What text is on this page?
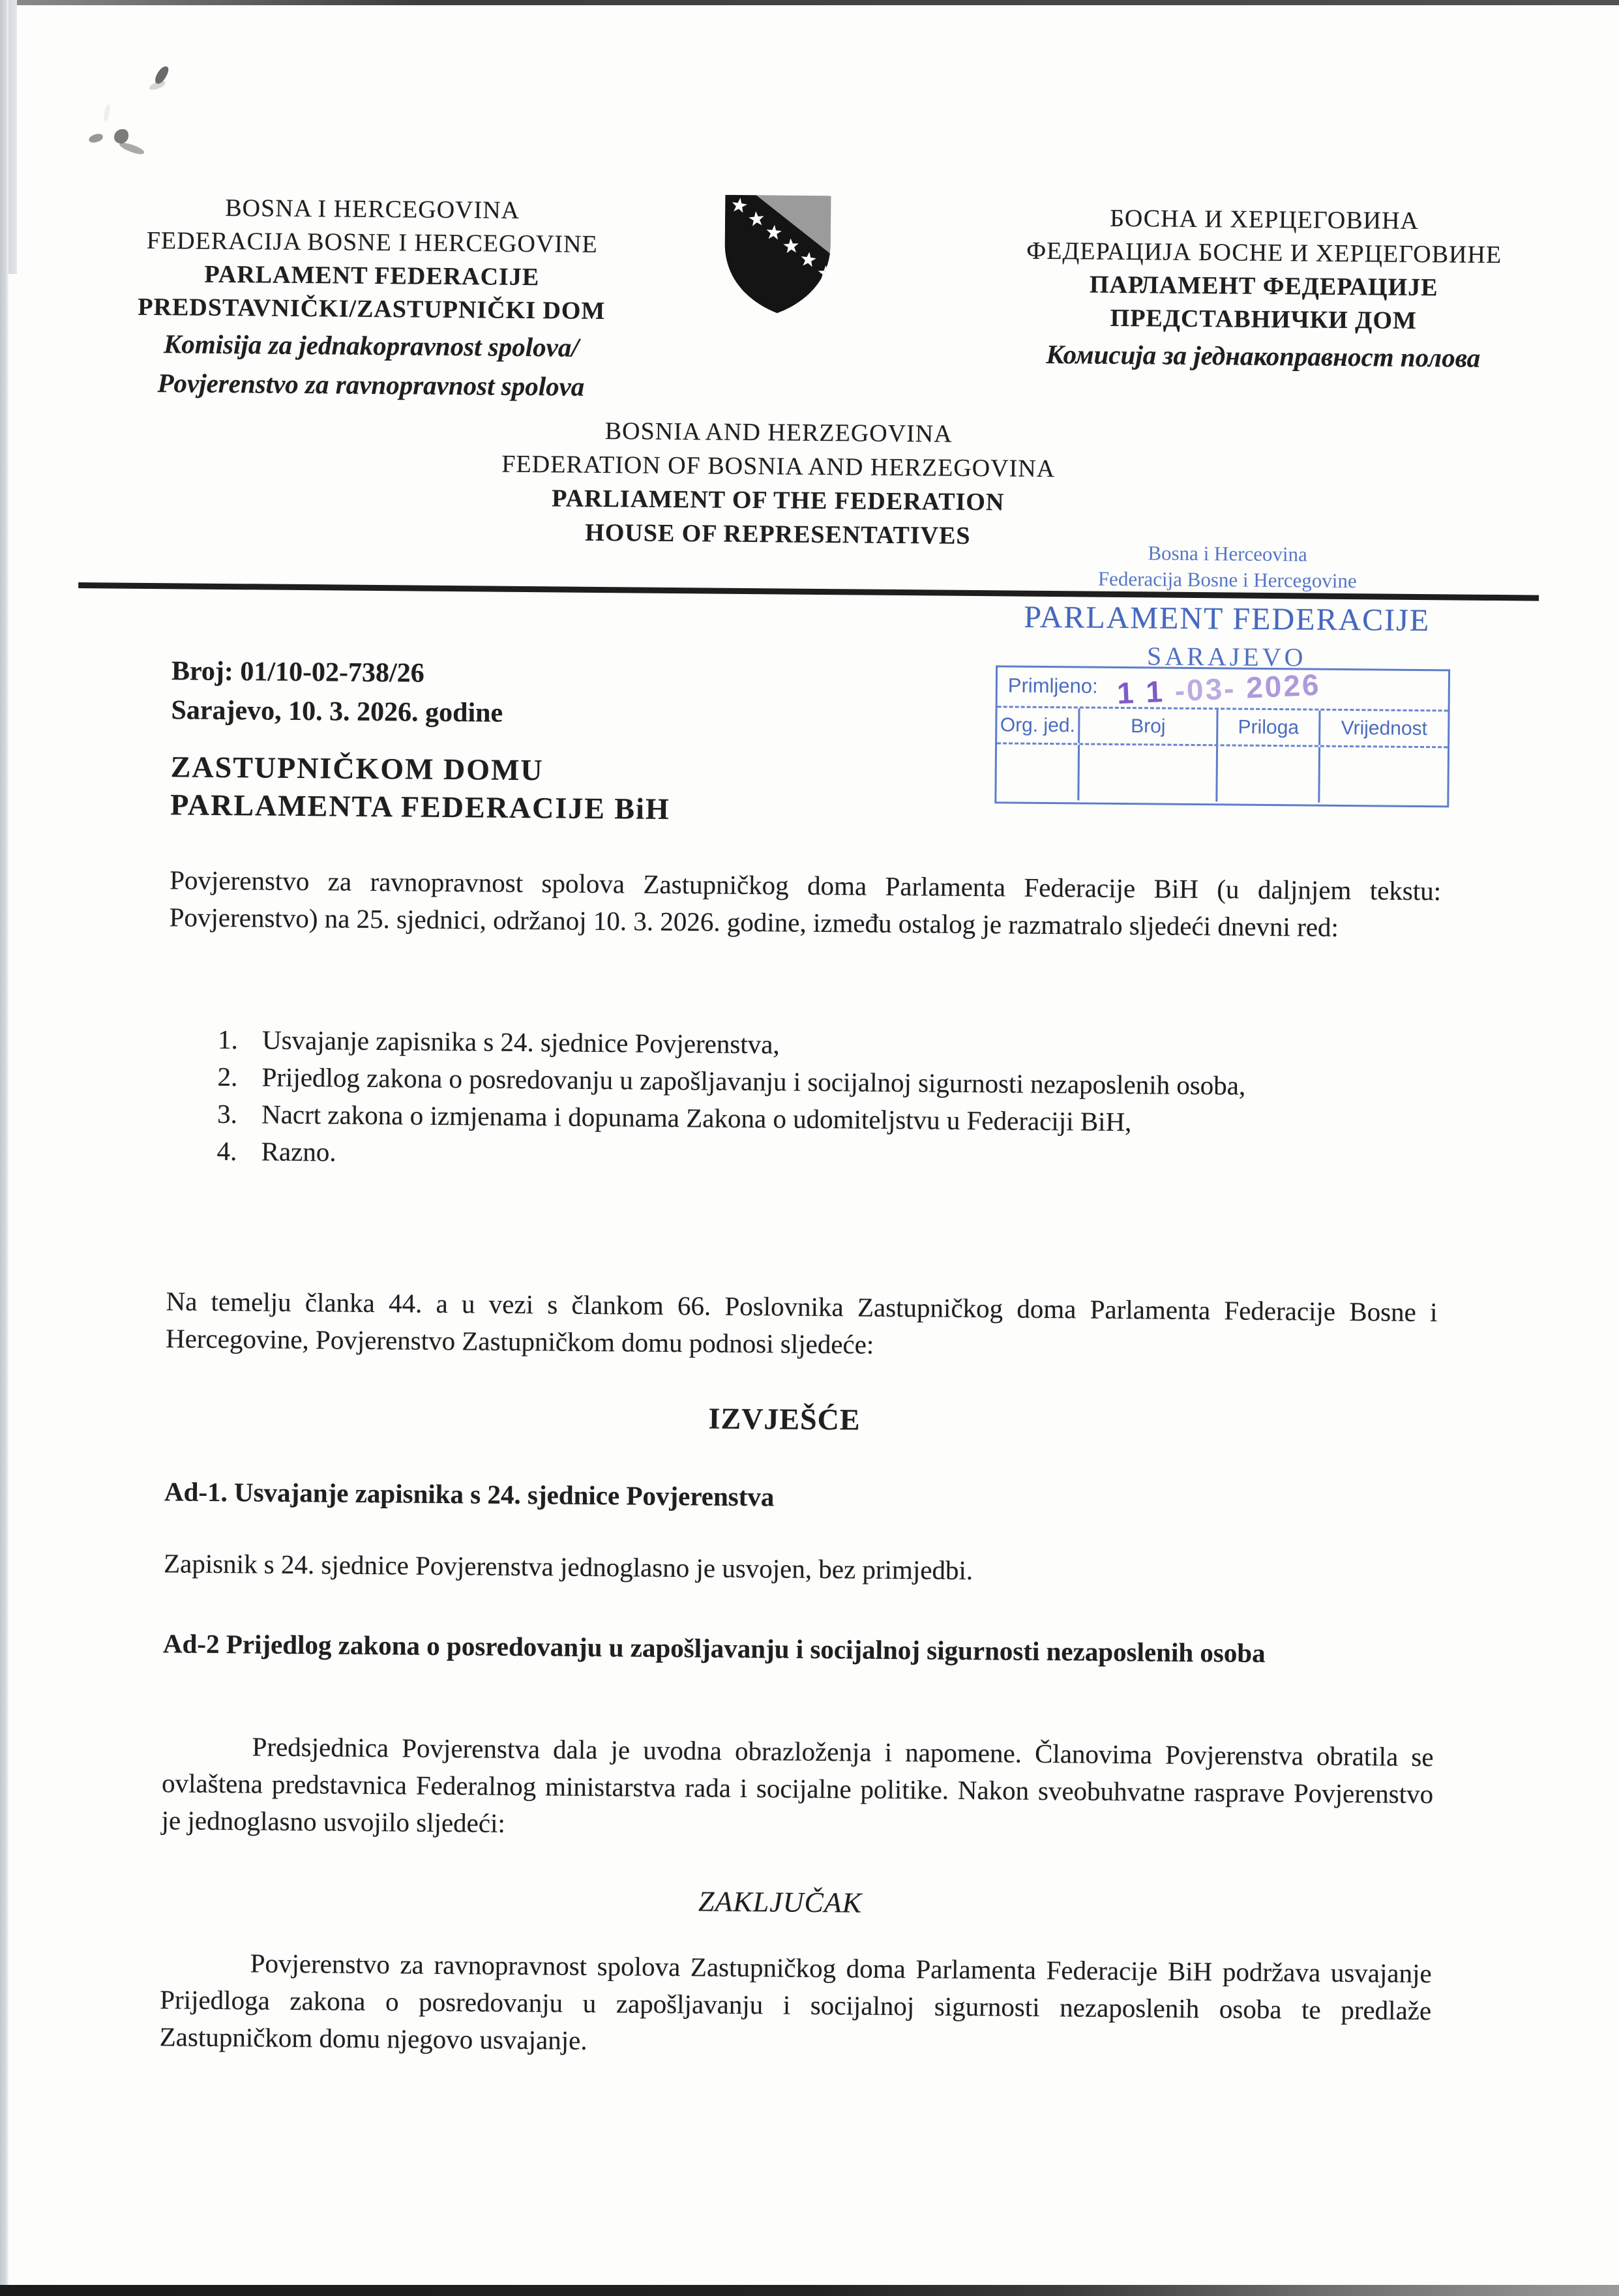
BOSNA I HERCEGOVINA
FEDERACIJA BOSNE I HERCEGOVINE
PARLAMENT FEDERACIJE
PREDSTAVNIČKI/ZASTUPNIČKI DOM
Komisija za jednakopravnost spolova/
Povjerenstvo za ravnopravnost spolova
БОСНА И ХЕРЦЕГОВИНА
ФЕДЕРАЦИЈА БОСНЕ И ХЕРЦЕГОВИНЕ
ПАРЛАМЕНТ ФЕДЕРАЦИЈЕ
ПРЕДСТАВНИЧКИ ДОМ
Комисија за једнакоправност полова
BOSNIA AND HERZEGOVINA
FEDERATION OF BOSNIA AND HERZEGOVINA
PARLIAMENT OF THE FEDERATION
HOUSE OF REPRESENTATIVES
Bosna i Herceovina
Federacija Bosne i Hercegovine
PARLAMENT FEDERACIJE
SARAJEVO
Primljeno:
Org. jed.	Broj	Priloga	Vrijednost
1 1 -03- 2026
Broj: 01/10-02-738/26
Sarajevo, 10. 3. 2026. godine
ZASTUPNIČKOM DOMU
PARLAMENTA FEDERACIJE BiH
Povjerenstvo za ravnopravnost spolova Zastupničkog doma Parlamenta Federacije BiH (u daljnjem tekstu: Povjerenstvo) na 25. sjednici, održanoj 10. 3. 2026. godine, između ostalog je razmatralo sljedeći dnevni red:
1. Usvajanje zapisnika s 24. sjednice Povjerenstva,
2. Prijedlog zakona o posredovanju u zapošljavanju i socijalnoj sigurnosti nezaposlenih osoba,
3. Nacrt zakona o izmjenama i dopunama Zakona o udomiteljstvu u Federaciji BiH,
4. Razno.
Na temelju članka 44. a u vezi s člankom 66. Poslovnika Zastupničkog doma Parlamenta Federacije Bosne i Hercegovine, Povjerenstvo Zastupničkom domu podnosi sljedeće:
IZVJEŠĆE
Ad-1. Usvajanje zapisnika s 24. sjednice Povjerenstva
Zapisnik s 24. sjednice Povjerenstva jednoglasno je usvojen, bez primjedbi.
Ad-2 Prijedlog zakona o posredovanju u zapošljavanju i socijalnoj sigurnosti nezaposlenih osoba
Predsjednica Povjerenstva dala je uvodna obrazloženja i napomene. Članovima Povjerenstva obratila se ovlaštena predstavnica Federalnog ministarstva rada i socijalne politike. Nakon sveobuhvatne rasprave Povjerenstvo je jednoglasno usvojilo sljedeći:
ZAKLJUČAK
Povjerenstvo za ravnopravnost spolova Zastupničkog doma Parlamenta Federacije BiH podržava usvajanje Prijedloga zakona o posredovanju u zapošljavanju i socijalnoj sigurnosti nezaposlenih osoba te predlaže Zastupničkom domu njegovo usvajanje.
